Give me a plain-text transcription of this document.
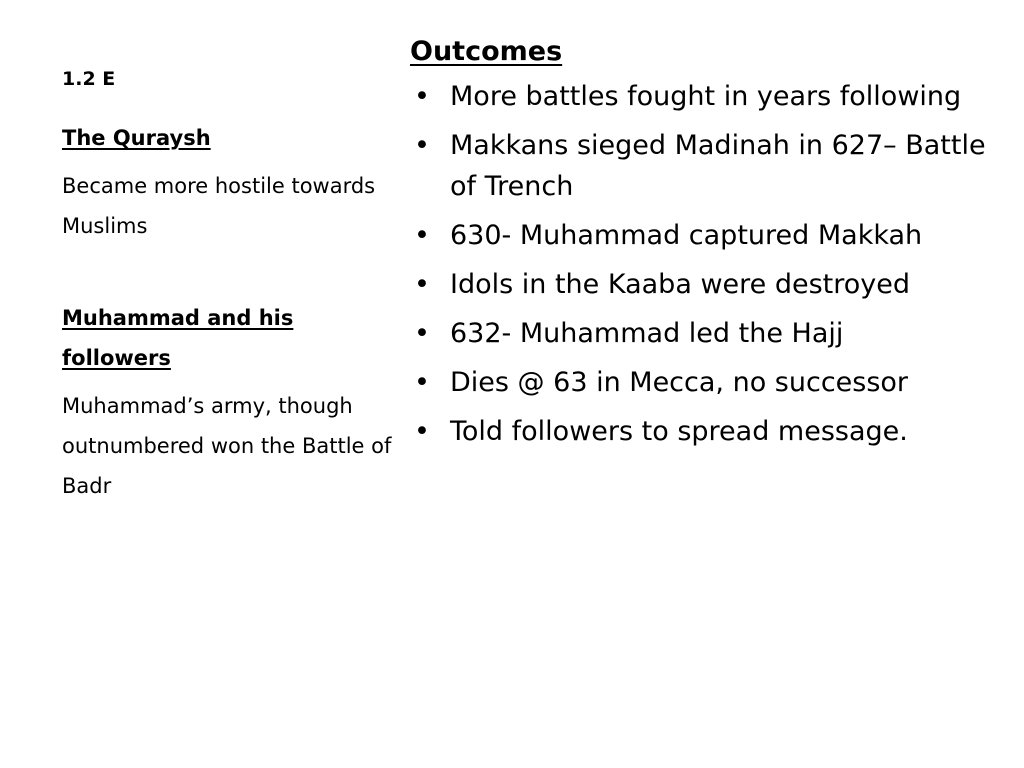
1.2 E

The Quraysh

Became more hostile towards Muslims

Muhammad and his followers

Muhammad’s army, though outnumbered won the Battle of Badr

Outcomes

• More battles fought in years following
• Makkans sieged Madinah in 627– Battle of Trench
• 630- Muhammad captured Makkah
• Idols in the Kaaba were destroyed
• 632- Muhammad led the Hajj
• Dies @ 63 in Mecca, no successor
• Told followers to spread message.
